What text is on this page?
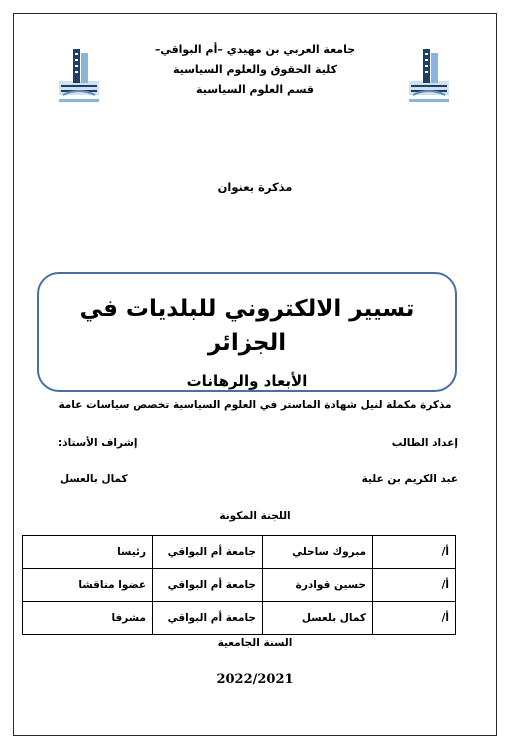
جامعة العربي بن مهيدي –أم البواقي–
كلية الحقوق والعلوم السياسية
قسم العلوم السياسية
مذكرة بعنوان
تسيير الالكتروني للبلديات في الجزائر
الأبعاد والرهانات
مذكرة مكملة لنيل شهادة الماستر في العلوم السياسية تخصص سياسات عامة
إعداد الطالب
إشراف الأستاذ:
عبد الكريم بن علية
كمال بالعسل
اللجنة المكونة
أ/	مبروك ساحلي	جامعة أم البواقي	رئيسا
أ/	حسين قوادرة	جامعة أم البواقي	عضوا مناقشا
أ/	كمال بلعسل	جامعة أم البواقي	مشرفا
السنة الجامعية
2022/2021
